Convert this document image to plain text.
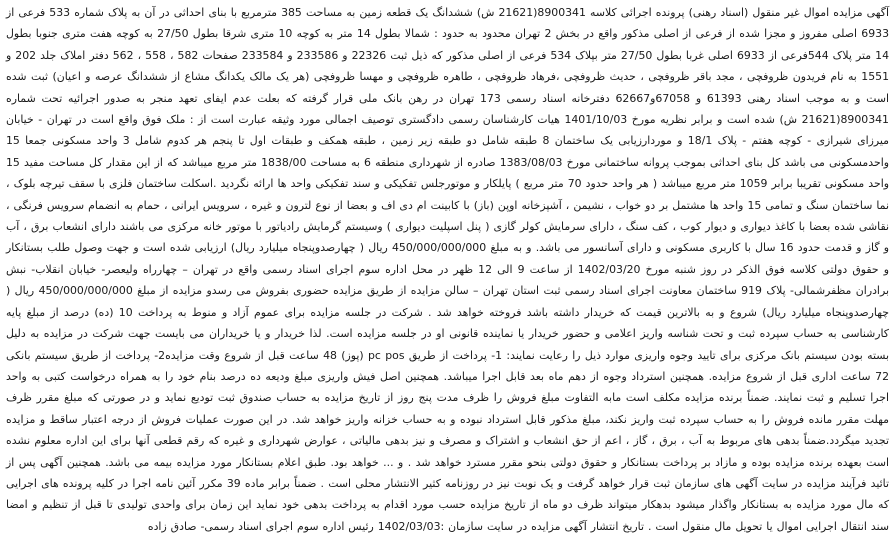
آگهی مزایده اموال غیر منقول (اسناد رهنی) پرونده اجرائی کلاسه 8900341(21621 ش) ششدانگ یک قطعه زمین به مساحت 385 مترمربع با بنای احداثی در آن به پلاک شماره 533 فرعی از 6933 اصلی مفروز و مجزا شده از فرعی از اصلی مذکور واقع در بخش 2 تهران محدود به حدود : شمالا بطول 14 متر به کوچه 10 متری شرقا بطول 27/50 به کوچه هفت متری جنوبا بطول 14 متر پلاک 544فرعی از 6933 اصلی غربا بطول 27/50 متر بپلاک 534 فرعی از اصلی مذکور که ذیل ثبت 22326 و 233586 و 233584 صفحات 582 ، 558 ، 562 دفتر املاک جلد 202 و 1551 به نام فریدون ظروفچی ، مجد باقر ظروفچی ، حدیث ظروفچی ،فرهاد ظروفچی ، طاهره ظروفچی و مهسا ظروفچی (هر یک مالک یکدانگ مشاع از ششدانگ عرصه و اعیان) ثبت شده است و به موجب اسناد رهنی 61393 و 67058و62667 دفترخانه اسناد رسمی 173 تهران در رهن بانک ملی قرار گرفته که بعلت عدم ایفای تعهد منجر به صدور اجرائیه تحت شماره 8900341(21621 ش) شده است و برابر نظریه مورخ 1401/10/03 هیات کارشناسان رسمی دادگستری توصیف اجمالی مورد وثیقه عبارت است از : ملک فوق واقع است در تهران - خیابان میرزای شیرازی - کوچه هفتم - پلاک 18/1 و موردارزیابی یک ساختمان 8 طبقه شامل دو طبقه زیر زمین ، طبقه همکف و طبقات اول تا پنجم هر کدوم شامل 3 واحد مسکونی جمعا 15 واحدمسکونی می باشد کل بنای احداثی بموجب پروانه ساختمانی مورخ 1383/08/03 صادره از شهرداری منطقه 6 به مساحت 1838/00 متر مربع میباشد که از این مقدار کل مساحت مفید 15 واحد مسکونی تقریبا برابر 1059 متر مربع میباشد ( هر واحد حدود 70 متر مربع ) پایلکار و موتورجلس تفکیکی و سند تفکیکی واحد ها ارائه نگردید .اسکلت ساختمان فلزی با سقف تیرچه بلوک ، نما ساختمان سنگ و تمامی 15 واحد ها مشتمل بر دو خواب ، نشیمن ، آشپزخانه اوپن (باز) با کابینت ام دی اف و بعضا از نوع لترون و غیره ، سرویس ایرانی ، حمام به انضمام سرویس فرنگی ، نقاشی شده بعضا با کاغذ دیواری و دیوار کوب ، کف سنگ ، دارای سرمایش کولر گازی ( پنل اسپلیت دیواری ) وسیستم گرمایش رادیاتور با موتور خانه مرکزی می باشند دارای انشعاب برق ، آب و گاز و قدمت حدود 16 سال با کاربری مسکونی و دارای آسانسور می باشد. و به مبلغ 450/000/000/000 ریال ( چهارصدوپنجاه میلیارد ریال) ارزیابی شده است و جهت وصول طلب بستانکار و حقوق دولتی کلاسه فوق الذکر در روز شنبه مورخ 1402/03/20 از ساعت 9 الی 12 ظهر در محل اداره سوم اجرای اسناد رسمی واقع در تهران – چهارراه ولیعصر- خیابان انقلاب- نبش برادران مظفرشمالی- پلاک 919 ساختمان معاونت اجرای اسناد رسمی ثبت استان تهران – سالن مزایده از طریق مزایده حضوری بفروش می رسدو مزایده از مبلغ 450/000/000/000 ریال ( چهارصدوپنجاه میلیارد ریال) شروع و به بالاترین قیمت که خریدار داشته باشد فروخته خواهد شد . شرکت در جلسه مزایده برای عموم آزاد و منوط به پرداخت 10 (ده) درصد از مبلغ پایه کارشناسی به حساب سپرده ثبت و تحت شناسه واریز اعلامی و حضور خریدار یا نماینده قانونی او در جلسه مزایده است. لذا خریدار و یا خریداران می بایست جهت شرکت در مزایده به دلیل بسته بودن سیستم بانک مرکزی برای تایید وجوه واریزی موارد ذیل را رعایت نمایند: 1- پرداخت از طریق pc pos (پوز) 48 ساعت قبل از شروع وقت مزایده2- پرداخت از طریق سیستم بانکی 72 ساعت اداری قبل از شروع مزایده. همچنین استرداد وجوه از دهم ماه بعد قابل اجرا میباشد. همچنین اصل فیش واریزی مبلغ ودیعه ده درصد بنام خود را به همراه درخواست کتبی به واحد اجرا تسلیم و ثبت نمایند. ضمناً برنده مزایده مکلف است مابه التفاوت مبلغ فروش را ظرف مدت پنج روز از تاریخ مزایده به حساب صندوق ثبت تودیع نماید و در صورتی که مبلغ مقرر ظرف مهلت مقرر مانده فروش را به حساب سپرده ثبت واریز نکند، مبلغ مذکور قابل استرداد نبوده و به حساب خزانه واریز خواهد شد. در این صورت عملیات فروش از درجه اعتبار ساقط و مزایده تجدید میگردد.ضمناً بدهی های مربوط به آب ، برق ، گاز ، اعم از حق انشعاب و اشتراک و مصرف و نیز بدهی مالیاتی ، عوارض شهرداری و غیره که رقم قطعی آنها برای این اداره معلوم نشده است بعهده برنده مزایده بوده و مازاد بر پرداخت بستانکار و حقوق دولتی بنحو مقرر مسترد خواهد شد . و ... خواهد بود. طبق اعلام بستانکار مورد مزایده بیمه می باشد. همچنین آگهی پس از تائید فرآیند مزایده در سایت آگهی های سازمان ثبت قرار خواهد گرفت و یک نوبت نیز در روزنامه کثیر الانتشار محلی است . ضمناً برابر ماده 39 مکرر آئین نامه اجرا در کلیه پرونده های اجرایی که مال مورد مزایده به بستانکار واگذار میشود بدهکار میتواند ظرف دو ماه از تاریخ مزایده حسب مورد اقدام به پرداخت بدهی خود نماید این زمان برای واحدی تولیدی تا قبل از تنظیم و امضا سند انتقال اجرایی اموال یا تحویل مال منقول است . تاریخ انتشار آگهی مزایده در سایت سازمان :1402/03/03 رئیس اداره سوم اجرای اسناد رسمی- صادق زاده
